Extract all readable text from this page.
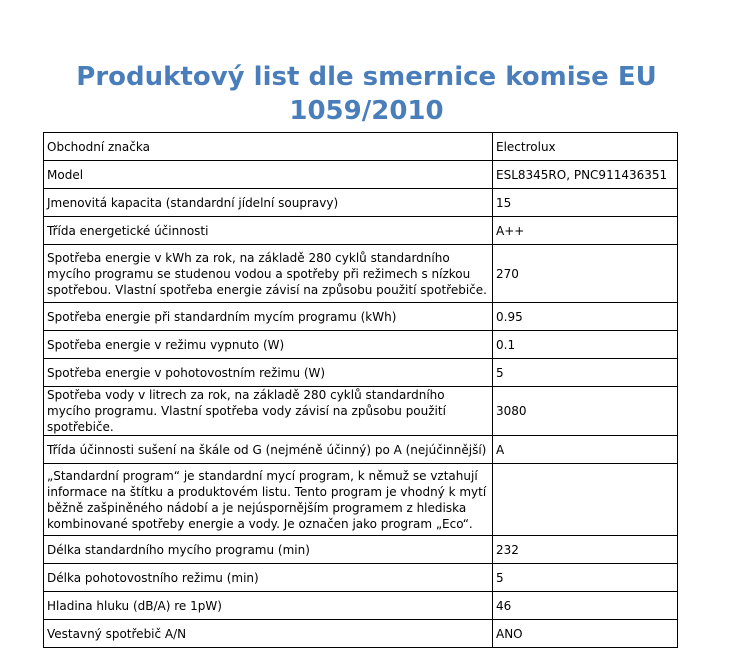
Produktový list dle smernice komise EU
1059/2010
Obchodní značka	Electrolux
Model	ESL8345RO, PNC911436351
Jmenovitá kapacita (standardní jídelní soupravy)	15
Třída energetické účinnosti	A++
Spotřeba energie v kWh za rok, na základě 280 cyklů standardního mycího programu se studenou vodou a spotřeby při režimech s nízkou spotřebou. Vlastní spotřeba energie závisí na způsobu použití spotřebiče.	270
Spotřeba energie při standardním mycím programu (kWh)	0.95
Spotřeba energie v režimu vypnuto (W)	0.1
Spotřeba energie v pohotovostním režimu (W)	5
Spotřeba vody v litrech za rok, na základě 280 cyklů standardního mycího programu. Vlastní spotřeba vody závisí na způsobu použití spotřebiče.	3080
Třída účinnosti sušení na škále od G (nejméně účinný) po A (nejúčinnější)	A
„Standardní program“ je standardní mycí program, k němuž se vztahují informace na štítku a produktovém listu. Tento program je vhodný k mytí běžně zašpiněného nádobí a je nejúspornějším programem z hlediska kombinované spotřeby energie a vody. Je označen jako program „Eco“.	
Délka standardního mycího programu (min)	232
Délka pohotovostního režimu (min)	5
Hladina hluku (dB/A) re 1pW)	46
Vestavný spotřebič A/N	ANO
